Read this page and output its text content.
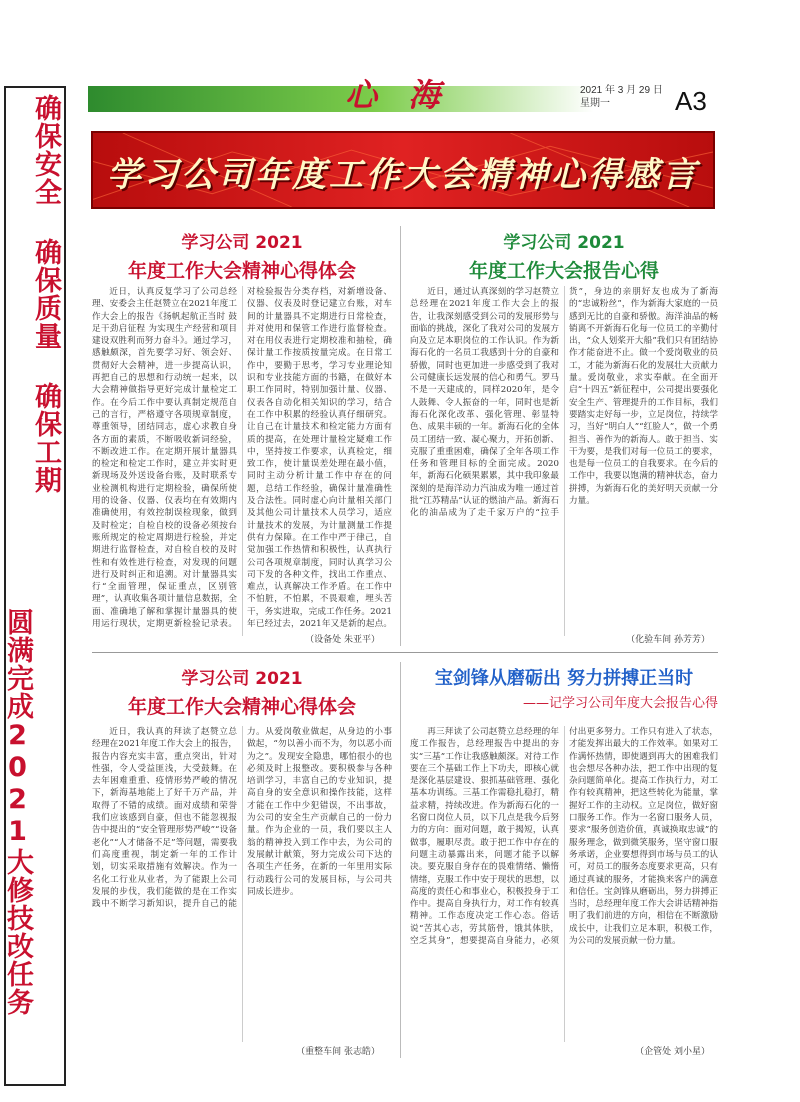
确保安全 确保质量 确保工期
圆满完成2021大修技改任务
心 海	2021 年 3 月 29 日
星期一	A3
学习公司年度工作大会精神心得感言
学习公司 2021
年度工作大会精神心得体会
近日，认真反复学习了公司总经理、安委会主任赵赞立在2021年度工作大会上的报告《扬帆起航正当时 鼓足干劲启征程 为实现生产经营和项目建设双胜利而努力奋斗》。通过学习，感触颇深，首先要学习好、领会好、贯彻好大会精神，进一步提高认识，再把自己的思想和行动统一起来，以大会精神做指导更好完成计量检定工作。在今后工作中要认真制定规范自己的言行，严格遵守各项规章制度，尊重领导，团结同志，虚心求教自身各方面的素质，不断吸收新词经验，不断改进工作。在定期开展计量器具的检定和检定工作时，建立并实时更新现场及外送设备台账，及时联系专业检测机构进行定期检验，确保所使用的设备、仪器、仪表均在有效期内准确使用，有效控制误检现象，做到及时检定；自检自校的设备必须按台账所规定的检定周期进行检验，并定期进行监督检查，对自检自校的及时性和有效性进行检查，对发现的问题进行及时纠正和追溯。对计量器具实行“全面管理，保证重点，区别管理”，认真收集各项计量信息数据，全面、准确地了解和掌握计量器具的使用运行现状，定期更新检验记录表。对检验报告分类存档，对新增设备、仪器、仪表及时登记建立台账，对车间的计量器具不定期进行日常检查，并对使用和保管工作进行监督检查。对在用仪表进行定期校准和抽检，确保计量工作按质按量完成。在日常工作中，要勤于思考，学习专业理论知识和专业技能方面的书籍，在做好本职工作同时，特别加强计量、仪器、仪表各自动化相关知识的学习，结合在工作中积累的经验认真仔细研究。让自己在计量技术和检定能力方面有质的提高，在处理计量检定疑难工作中，坚持按工作要求，认真检定，细致工作，使计量误差处理在最小值，同时主动分析计量工作中存在的问题，总结工作经验，确保计量准确性及合法性。同时虚心向计量相关部门及其他公司计量技术人员学习，适应计量技术的发展，为计量测量工作提供有力保障。在工作中严于律己，自觉加强工作热情和积极性，认真执行公司各项规章制度，同时认真学习公司下发的各种文件，找出工作重点、难点，认真解决工作矛盾。在工作中不怕脏，不怕累，不畏艰难，埋头苦干，务实进取，完成工作任务。2021年已经过去，2021年又是新的起点。
（设备处 朱亚平）
学习公司 2021
年度工作大会报告心得
近日，通过认真深刻的学习赵赞立总经理在2021年度工作大会上的报告，让我深刻感受到公司的发展形势与面临的挑战，深化了我对公司的发展方向及立足本职岗位的工作认识。作为新海石化的一名员工我感到十分的自豪和骄傲，同时也更加进一步感受到了我对公司健康长远发展的信心和勇气。罗马不是一天建成的，同样2020年，是令人鼓舞、令人振奋的一年，同时也是新海石化深化改革、强化管理、彰显特色、成果丰硕的一年。新海石化的全体员工团结一致、凝心聚力，开拓创新、克服了重重困难，确保了全年各项工作任务和管理目标的全面完成。2020年，新海石化硕果累累，其中我印象最深刻的是海洋动力汽油成为唯一通过首批“江苏精品”认证的燃油产品。新海石化的油品成为了走千家万户的“拉手货”，身边的亲朋好友也成为了新海的“忠诚粉丝”，作为新海大家庭的一员感到无比的自豪和骄傲。海洋油品的畅销离不开新海石化每一位员工的辛勤付出，“众人划桨开大船”我们只有团结协作才能奋进不止。做一个爱岗敬业的员工，才能为新海石化的发展壮大贡献力量。爱岗敬业，求实奉献。在全面开启“十四五”新征程中，公司提出要强化安全生产、管理提升的工作目标，我们要踏实走好每一步，立足岗位，持续学习，当好“明白人”“红脸人”，做一个勇担当、善作为的新海人。敢于担当、实干为要，是我们对每一位员工的要求，也是每一位员工的自我要求。在今后的工作中，我要以饱满的精神状态，奋力拼搏，为新海石化的美好明天贡献一分力量。
（化验车间 孙芳芳）
学习公司 2021
年度工作大会精神心得体会
近日，我认真的拜读了赵赞立总经理在2021年度工作大会上的报告，报告内容充实丰富，重点突出，针对性强，令人受益匪浅，大受鼓舞。在去年困难重重、疫情形势严峻的情况下，新海基地能上了好千万产品，并取得了不错的成绩。面对成绩和荣誉我们应该感到自豪，但也不能忽视报告中提出的“安全管理形势严峻”“设备老化”“人才储备不足”等问题，需要我们高度重视，制定新一年的工作计划，切实采取措施有效解决。作为一名化工行业从业者，为了能跟上公司发展的步伐，我们能做的是在工作实践中不断学习新知识，提升自己的能力。从爱岗敬业做起，从身边的小事做起，“勿以善小而不为，勿以恶小而为之”。发现安全隐患，哪怕很小的也必须及时上报整改。要积极参与各种培训学习，丰富自己的专业知识，提高自身的安全意识和操作技能，这样才能在工作中少犯错误，不出事故，为公司的安全生产贡献自己的一份力量。作为企业的一员，我们要以主人翁的精神投入到工作中去，为公司的发展献计献策，努力完成公司下达的各项生产任务，在新的一年里用实际行动践行公司的发展目标，与公司共同成长进步。
（重整车间 张志皓）
宝剑锋从磨砺出 努力拼搏正当时
——记学习公司年度大会报告心得
再三拜读了公司赵赞立总经理的年度工作报告，总经理报告中提出的夯实“三基”工作让我感触颇深。对待工作要在三个基础工作上下功夫，即核心就是深化基层建设、狠抓基础管理、强化基本功训练。三基工作需稳扎稳打，精益求精，持续改进。作为新海石化的一名窗口岗位人员，以下几点是我今后努力的方向：面对问题，敢于揭短，认真做事，履职尽责。敢于把工作中存在的问题主动暴露出来，问题才能予以解决。要克服自身存在的畏难情绪、懒惰情绪，克服工作中安于现状的思想，以高度的责任心和事业心，积极投身于工作中。提高自身执行力，对工作有较真精神。工作态度决定工作心态。俗话说“苦其心志，劳其筋骨，饿其体肤，空乏其身”，想要提高自身能力，必须付出更多努力。工作只有进入了状态，才能发挥出最大的工作效率。如果对工作满怀热情，即使遇到再大的困难我们也会想尽各种办法，把工作中出现的复杂问题简单化。提高工作执行力，对工作有较真精神，把这些转化为能量，掌握好工作的主动权。立足岗位，做好窗口服务工作。作为一名窗口服务人员，要求“服务创造价值，真诚换取忠诚”的服务理念，做到微笑服务，坚守窗口服务承诺，企业要想得到市场与员工的认可，对员工的服务态度要求更高，只有通过真诚的服务，才能换来客户的满意和信任。宝剑锋从磨砺出，努力拼搏正当时，总经理年度工作大会讲话精神指明了我们前进的方向，相信在不断激励成长中，让我们立足本职，积极工作，为公司的发展贡献一份力量。
（企管处 刘小星）
